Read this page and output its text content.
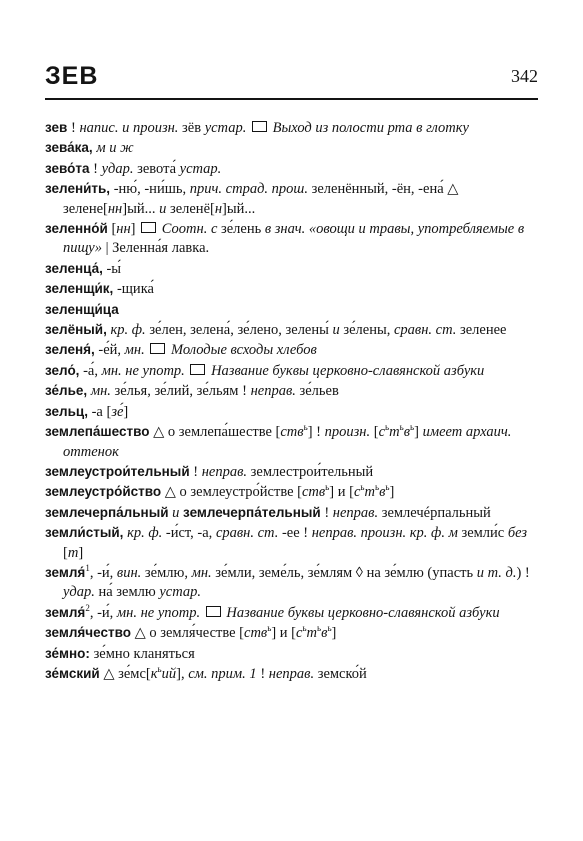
ЗЕВ	342
зев ! напис. и произн. зёв устар. Выход из полости рта в глотку
зева́ка, м и ж
зево́та ! удар. зевота́ устар.
зелени́ть, -ню́, -ни́шь, прич. страд. прош. зеленённый, -ён, -ена́ △ зелене[нн]ый... и зеленё[н]ый...
зеленно́й [нн]  Соотн. с зе́лень в знач. «овощи и травы, употребляемые в пищу» | Зеленна́я лавка.
зеленца́, -ы́
зеленщи́к, -щика́
зеленщи́ца
зелёный, кр. ф. зе́лен, зелена́, зе́лено, зелены́ и зе́лены, сравн. ст. зеленее
зеленя́, -е́й, мн. Молодые всходы хлебов
зело́, -а́, мн. не употр. Название буквы церковно-славянской азбуки
зе́лье, мн. зе́лья, зе́лий, зе́льям ! неправ. зе́льев
зельц, -а [зе́]
землепа́шество △ о землепа́шестве [ств$^ь$] ! произн. $[с^ьт^ьв^ь]$ имеет архаич. оттенок
землеустрои́тельный ! неправ. землестрои́тельный
землеустро́йство △ о землеустро́йстве [ств$^ь$] и $[с^ьт^ьв^ь]$
землечерпа́льный и землечерпа́тельный ! неправ. землечéрпальный
земли́стый, кр. ф. -и́ст, -а, сравн. ст. -ее ! неправ. произн. кр. ф. м земли́с без [т]
земля́$^1$, -и́, вин. зе́млю, мн. зе́мли, земе́ль, зе́млям ◊ на зе́млю (упасть и т. д.) ! удар. на́ землю устар.
земля́$^2$, -и́, мн. не употр. Название буквы церковно-славянской азбуки
земля́чество △ о земля́честве [ств$^ь$] и $[с^ьт^ьв^ь]$
зе́мно: зе́мно кланяться
зе́мский △ $зе́мс[к^ьий]$, см. прим. 1 ! неправ. земско́й
